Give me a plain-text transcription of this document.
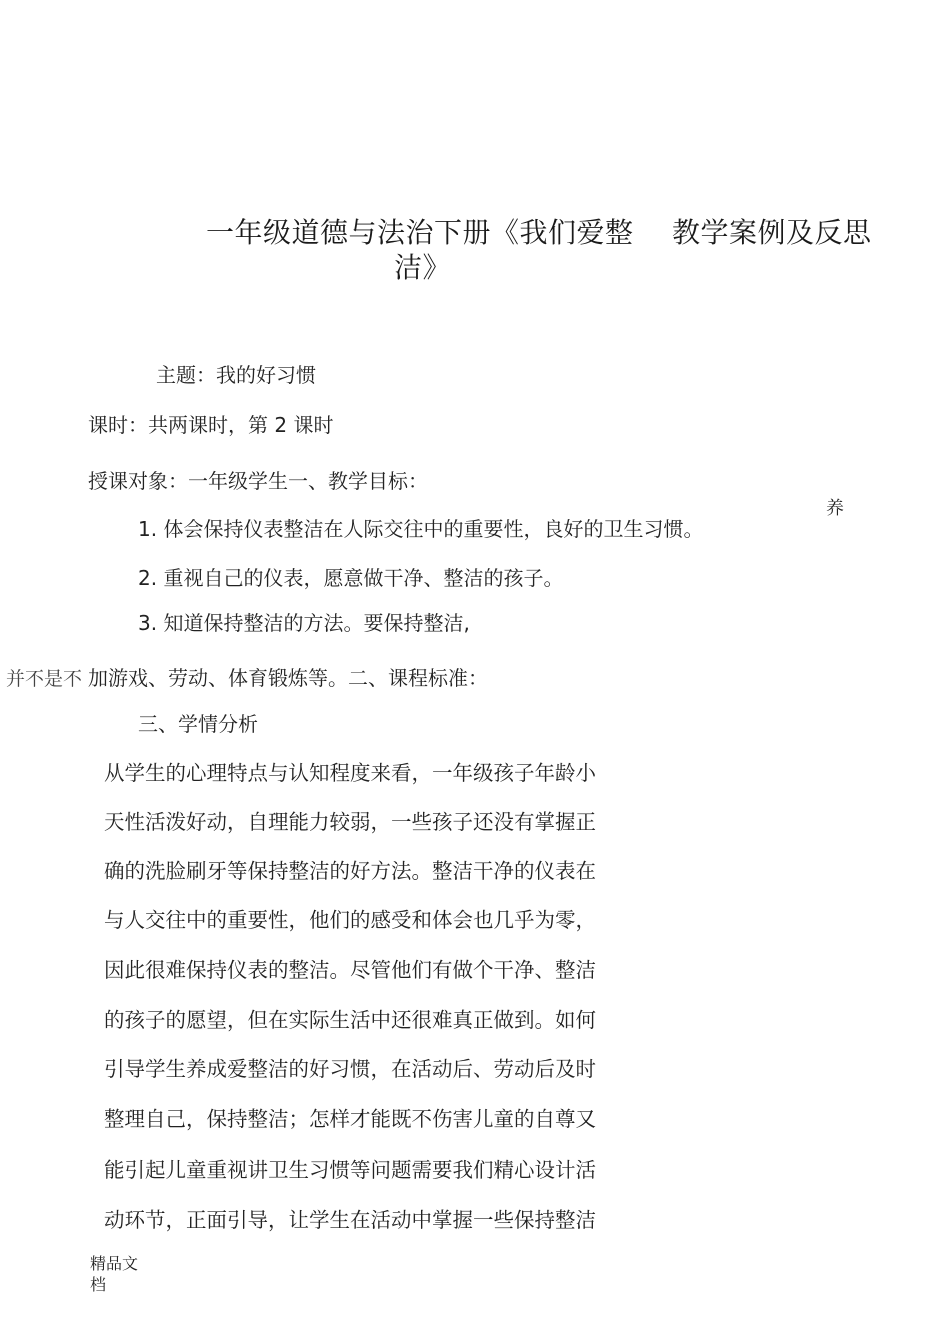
一年级道德与法治下册《我们爱整 教学案例及反思
洁》
主题：我的好习惯
课时：共两课时，第 2 课时
授课对象：一年级学生一、教学目标：
养
1. 体会保持仪表整洁在人际交往中的重要性，良好的卫生习惯。
2. 重视自己的仪表，愿意做干净、整洁的孩子。
3. 知道保持整洁的方法。要保持整洁,
并不是不 加游戏、劳动、体育锻炼等。二、课程标准：
三、学情分析
从学生的心理特点与认知程度来看，一年级孩子年龄小
天性活泼好动，自理能力较弱，一些孩子还没有掌握正
确的洗脸刷牙等保持整洁的好方法。整洁干净的仪表在
与人交往中的重要性，他们的感受和体会也几乎为零，
因此很难保持仪表的整洁。尽管他们有做个干净、整洁
的孩子的愿望，但在实际生活中还很难真正做到。如何
引导学生养成爱整洁的好习惯，在活动后、劳动后及时
整理自己，保持整洁；怎样才能既不伤害儿童的自尊又
能引起儿童重视讲卫生习惯等问题需要我们精心设计活
动环节，正面引导，让学生在活动中掌握一些保持整洁
精品文
档
